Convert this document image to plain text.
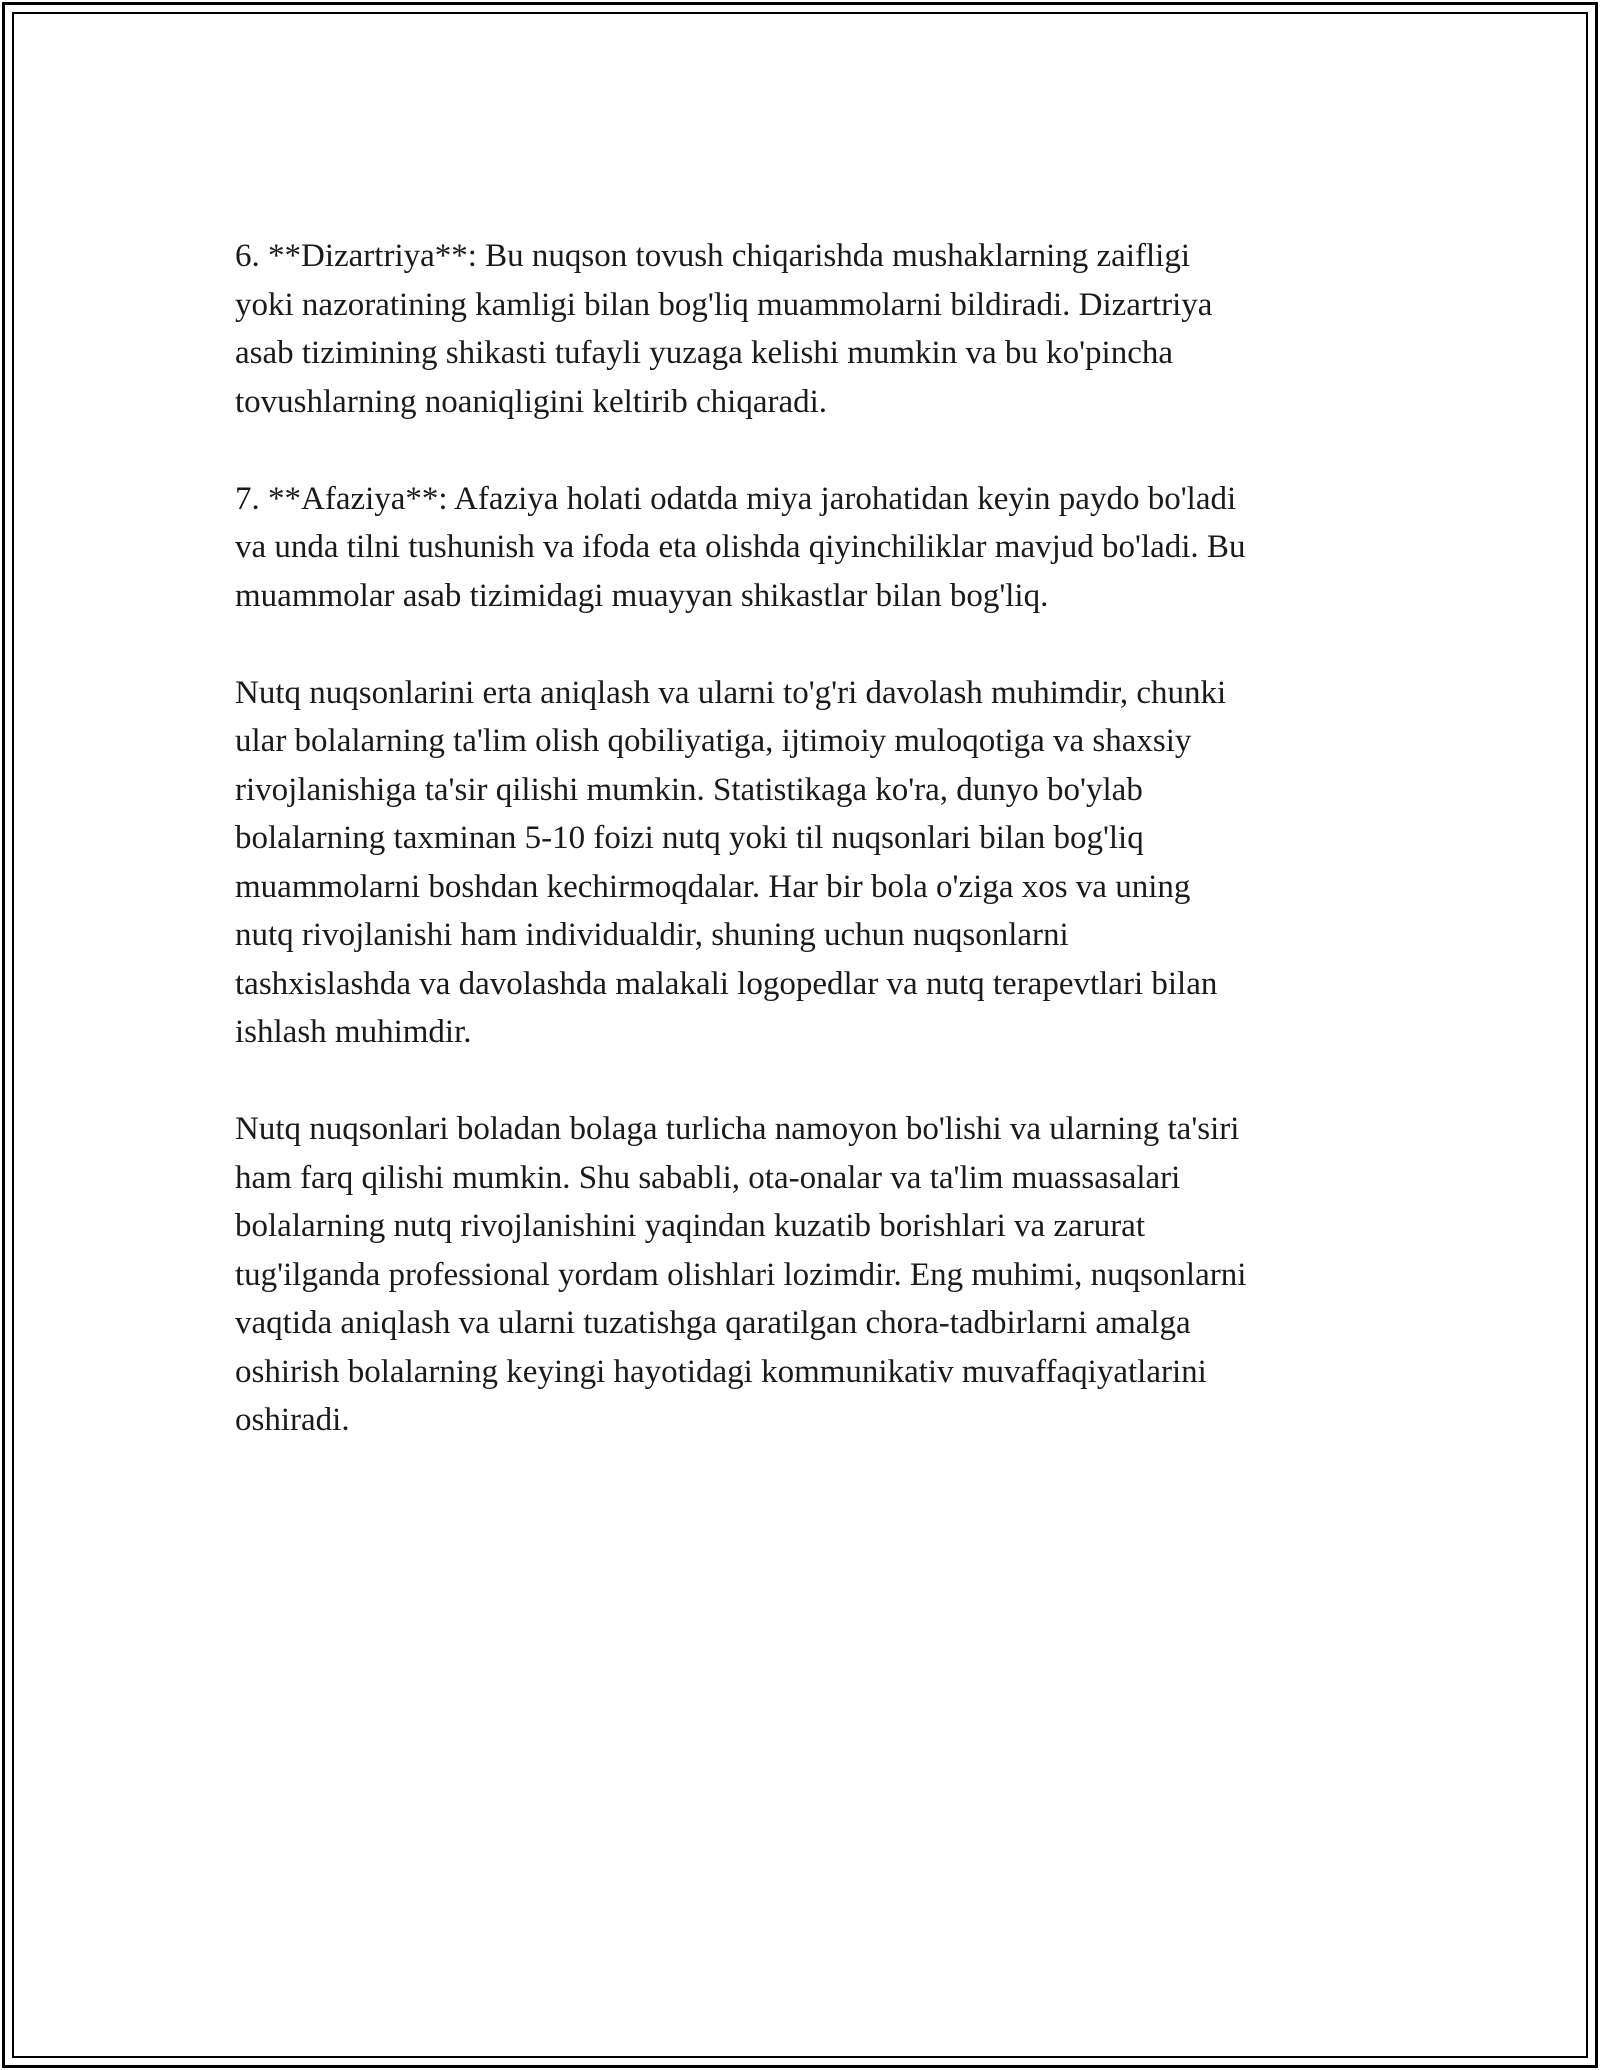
6. **Dizartriya**: Bu nuqson tovush chiqarishda mushaklarning zaifligi
yoki nazoratining kamligi bilan bog'liq muammolarni bildiradi. Dizartriya
asab tizimining shikasti tufayli yuzaga kelishi mumkin va bu ko'pincha
tovushlarning noaniqligini keltirib chiqaradi.

7. **Afaziya**: Afaziya holati odatda miya jarohatidan keyin paydo bo'ladi
va unda tilni tushunish va ifoda eta olishda qiyinchiliklar mavjud bo'ladi. Bu
muammolar asab tizimidagi muayyan shikastlar bilan bog'liq.

Nutq nuqsonlarini erta aniqlash va ularni to'g'ri davolash muhimdir, chunki
ular bolalarning ta'lim olish qobiliyatiga, ijtimoiy muloqotiga va shaxsiy
rivojlanishiga ta'sir qilishi mumkin. Statistikaga ko'ra, dunyo bo'ylab
bolalarning taxminan 5-10 foizi nutq yoki til nuqsonlari bilan bog'liq
muammolarni boshdan kechirmoqdalar. Har bir bola o'ziga xos va uning
nutq rivojlanishi ham individualdir, shuning uchun nuqsonlarni
tashxislashda va davolashda malakali logopedlar va nutq terapevtlari bilan
ishlash muhimdir.

Nutq nuqsonlari boladan bolaga turlicha namoyon bo'lishi va ularning ta'siri
ham farq qilishi mumkin. Shu sababli, ota-onalar va ta'lim muassasalari
bolalarning nutq rivojlanishini yaqindan kuzatib borishlari va zarurat
tug'ilganda professional yordam olishlari lozimdir. Eng muhimi, nuqsonlarni
vaqtida aniqlash va ularni tuzatishga qaratilgan chora-tadbirlarni amalga
oshirish bolalarning keyingi hayotidagi kommunikativ muvaffaqiyatlarini
oshiradi.
